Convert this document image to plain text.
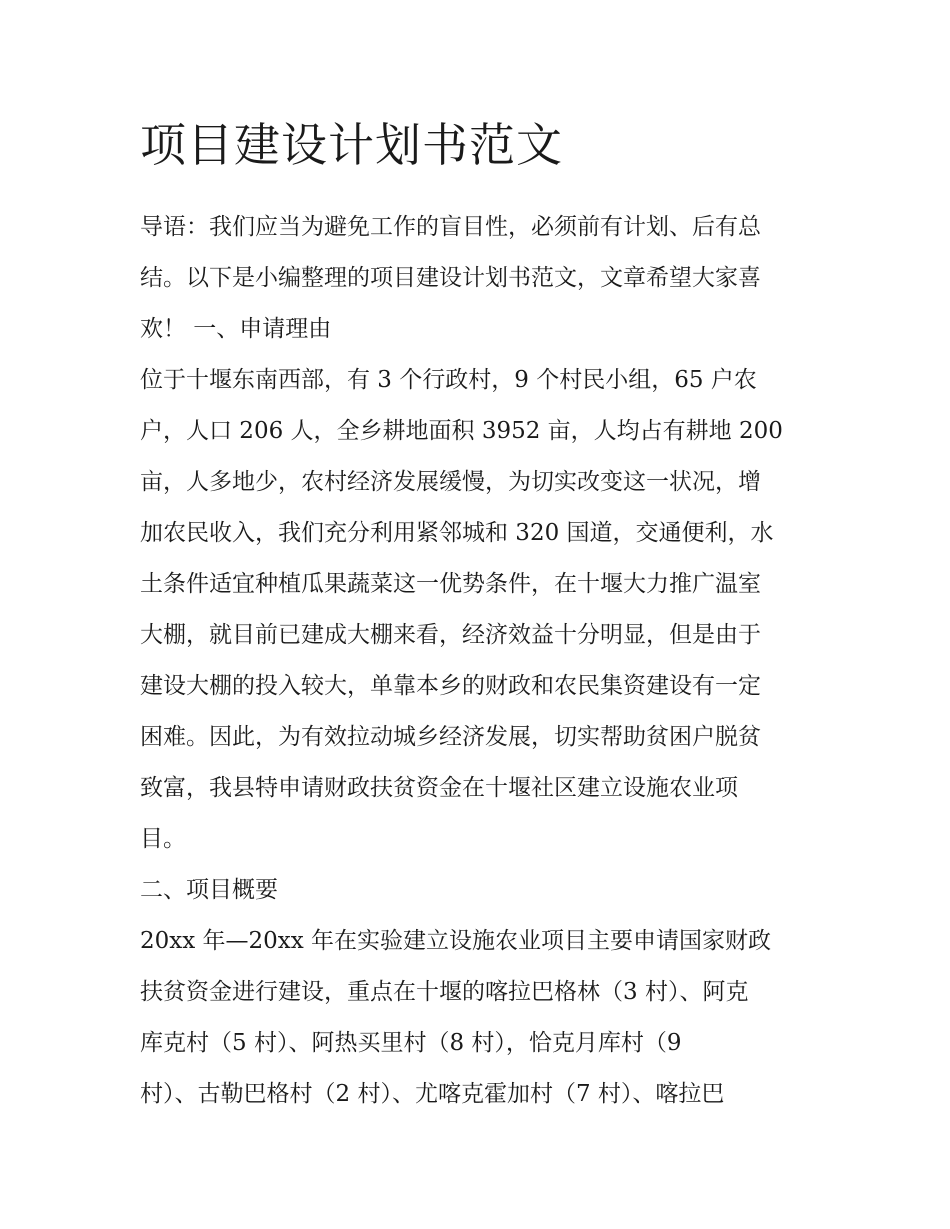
项目建设计划书范文

导语：我们应当为避免工作的盲目性，必须前有计划、后有总

结。以下是小编整理的项目建设计划书范文，文章希望大家喜

欢！ 一、申请理由

位于十堰东南西部，有 3 个行政村，9 个村民小组，65 户农

户，人口 206 人，全乡耕地面积 3952 亩，人均占有耕地 200

亩，人多地少，农村经济发展缓慢，为切实改变这一状况，增

加农民收入，我们充分利用紧邻城和 320 国道，交通便利，水

土条件适宜种植瓜果蔬菜这一优势条件，在十堰大力推广温室

大棚，就目前已建成大棚来看，经济效益十分明显，但是由于

建设大棚的投入较大，单靠本乡的财政和农民集资建设有一定

困难。因此，为有效拉动城乡经济发展，切实帮助贫困户脱贫

致富，我县特申请财政扶贫资金在十堰社区建立设施农业项

目。

二、项目概要

20xx 年—20xx 年在实验建立设施农业项目主要申请国家财政

扶贫资金进行建设，重点在十堰的喀拉巴格林（3 村）、阿克

库克村（5 村）、阿热买里村（8 村），恰克月库村（9

村）、古勒巴格村（2 村）、尤喀克霍加村（7 村）、喀拉巴
